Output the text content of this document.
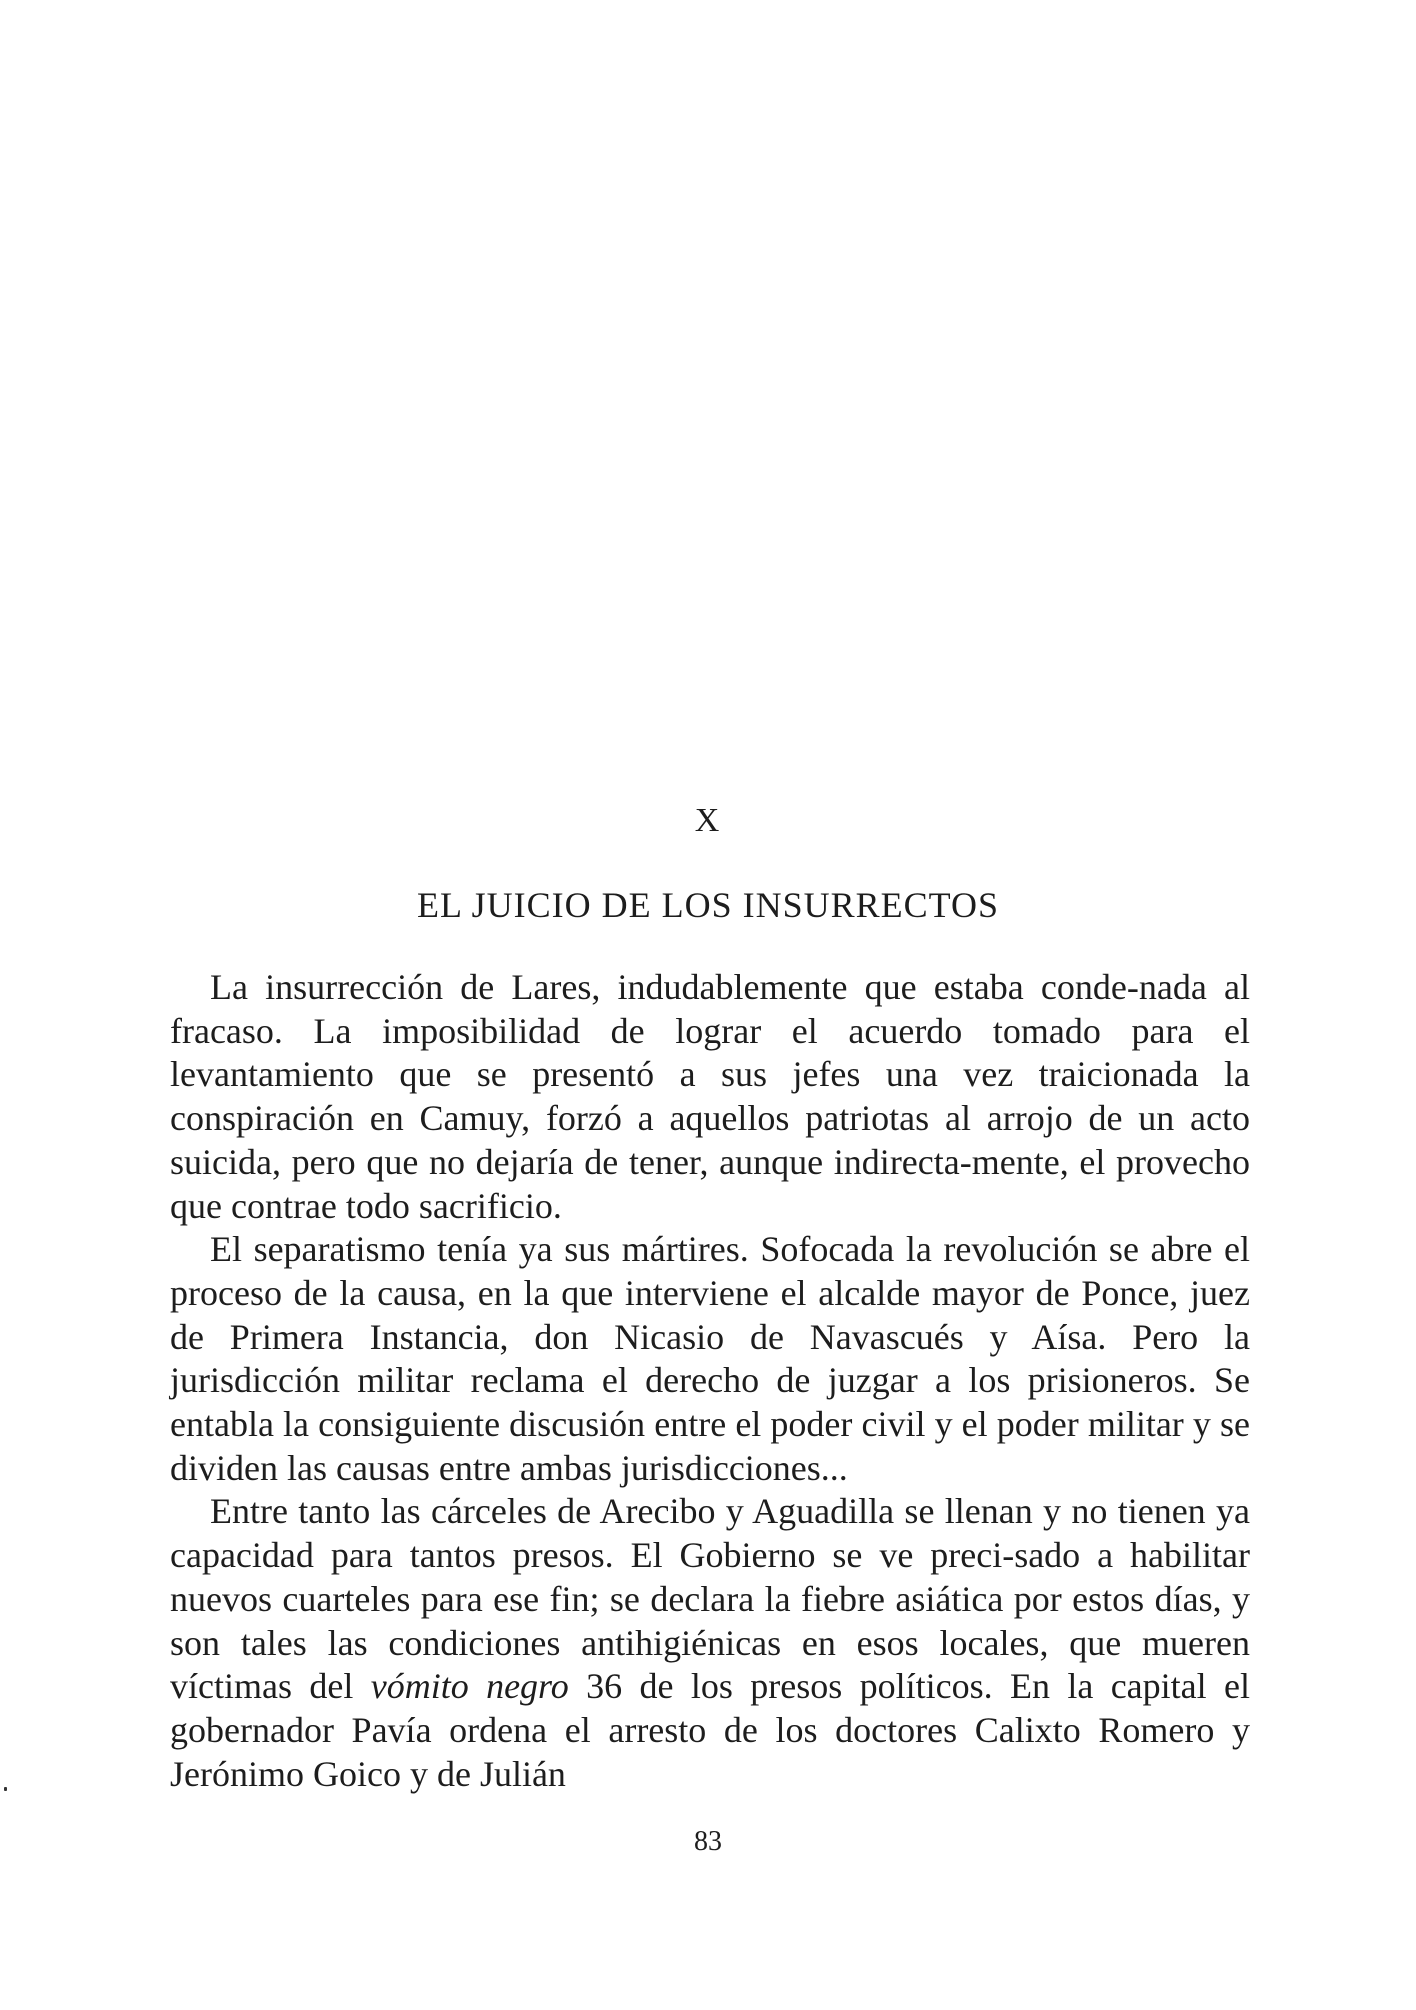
X
EL JUICIO DE LOS INSURRECTOS

La insurrección de Lares, indudablemente que estaba conde-nada al fracaso. La imposibilidad de lograr el acuerdo tomado para el levantamiento que se presentó a sus jefes una vez traicionada la conspiración en Camuy, forzó a aquellos patriotas al arrojo de un acto suicida, pero que no dejaría de tener, aunque indirecta-mente, el provecho que contrae todo sacrificio.

El separatismo tenía ya sus mártires. Sofocada la revolución se abre el proceso de la causa, en la que interviene el alcalde mayor de Ponce, juez de Primera Instancia, don Nicasio de Navascués y Aísa. Pero la jurisdicción militar reclama el derecho de juzgar a los prisioneros. Se entabla la consiguiente discusión entre el poder civil y el poder militar y se dividen las causas entre ambas jurisdicciones...

Entre tanto las cárceles de Arecibo y Aguadilla se llenan y no tienen ya capacidad para tantos presos. El Gobierno se ve preci-sado a habilitar nuevos cuarteles para ese fin; se declara la fiebre asiática por estos días, y son tales las condiciones antihigiénicas en esos locales, que mueren víctimas del vómito negro 36 de los presos políticos. En la capital el gobernador Pavía ordena el arresto de los doctores Calixto Romero y Jerónimo Goico y de Julián

83
